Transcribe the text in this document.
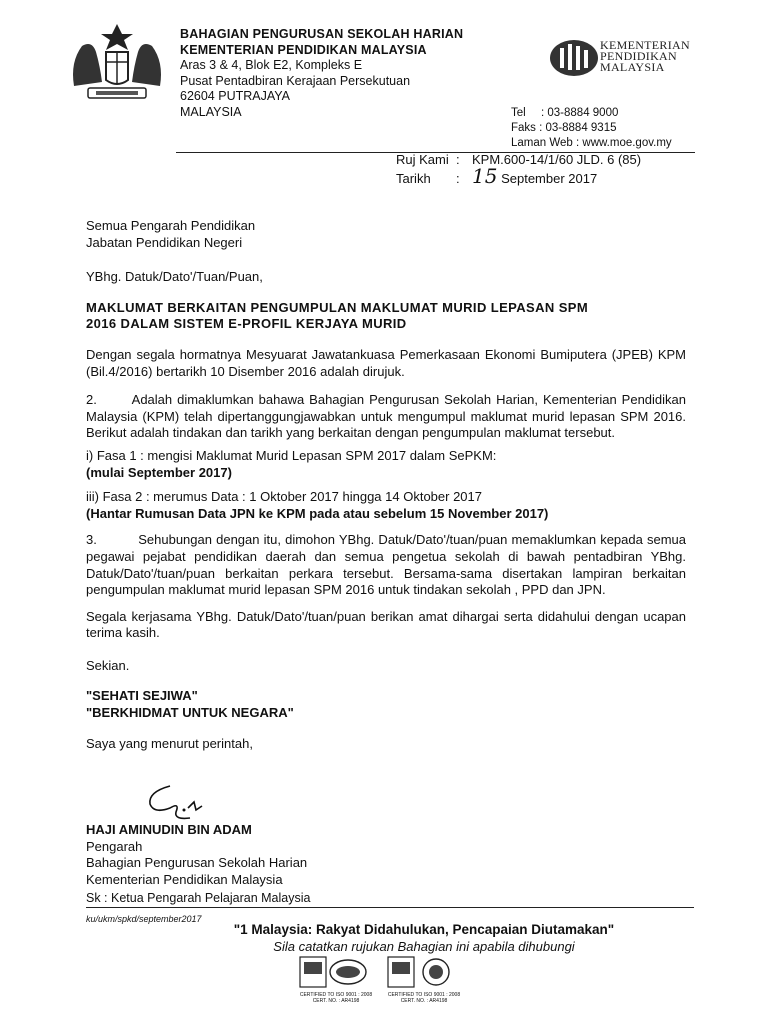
BAHAGIAN PENGURUSAN SEKOLAH HARIAN
KEMENTERIAN PENDIDIKAN MALAYSIA
Aras 3 & 4, Blok E2, Kompleks E
Pusat Pentadbiran Kerajaan Persekutuan
62604 PUTRAJAYA
MALAYSIA
KEMENTERIAN
PENDIDIKAN
MALAYSIA
Tel : 03-8884 9000
Faks : 03-8884 9315
Laman Web : www.moe.gov.my
Ruj Kami : KPM.600-14/1/60 JLD. 6 (85)
Tarikh : 15 September 2017

Semua Pengarah Pendidikan

Jabatan Pendidikan Negeri

YBhg. Datuk/Dato'/Tuan/Puan,

MAKLUMAT BERKAITAN PENGUMPULAN MAKLUMAT MURID LEPASAN SPM
2016 DALAM SISTEM E-PROFIL KERJAYA MURID

Dengan segala hormatnya Mesyuarat Jawatankuasa Pemerkasaan Ekonomi Bumiputera (JPEB) KPM (Bil.4/2016) bertarikh 10 Disember 2016 adalah dirujuk.

2.	Adalah dimaklumkan bahawa Bahagian Pengurusan Sekolah Harian, Kementerian Pendidikan Malaysia (KPM) telah dipertanggungjawabkan untuk mengumpul maklumat murid lepasan SPM 2016. Berikut adalah tindakan dan tarikh yang berkaitan dengan pengumpulan maklumat tersebut.

i) Fasa 1 : mengisi Maklumat Murid Lepasan SPM 2017 dalam SePKM:

(mulai September 2017)

iii) Fasa 2 : merumus Data : 1 Oktober 2017 hingga 14 Oktober 2017

(Hantar Rumusan Data JPN ke KPM pada atau sebelum 15 November 2017)

3.	Sehubungan dengan itu, dimohon YBhg. Datuk/Dato'/tuan/puan memaklumkan kepada semua pegawai pejabat pendidikan daerah dan semua pengetua sekolah di bawah pentadbiran YBhg. Datuk/Dato'/tuan/puan berkaitan perkara tersebut. Bersama-sama disertakan lampiran berkaitan pengumpulan maklumat murid lepasan SPM 2016 untuk tindakan sekolah , PPD dan JPN.

Segala kerjasama YBhg. Datuk/Dato'/tuan/puan berikan amat dihargai serta didahului dengan ucapan terima kasih.

Sekian.

"SEHATI SEJIWA"

"BERKHIDMAT UNTUK NEGARA"

Saya yang menurut perintah,

HAJI AMINUDIN BIN ADAM
Pengarah
Bahagian Pengurusan Sekolah Harian
Kementerian Pendidikan Malaysia
Sk : Ketua Pengarah Pelajaran Malaysia
ku/ukm/spkd/september2017
"1 Malaysia: Rakyat Didahulukan, Pencapaian Diutamakan"
Sila catatkan rujukan Bahagian ini apabila dihubungi
CERTIFIED TO ISO 9001 : 2008
CERT. NO. : AR4198
CERTIFIED TO ISO 9001 : 2008
CERT. NO. : AR4198
